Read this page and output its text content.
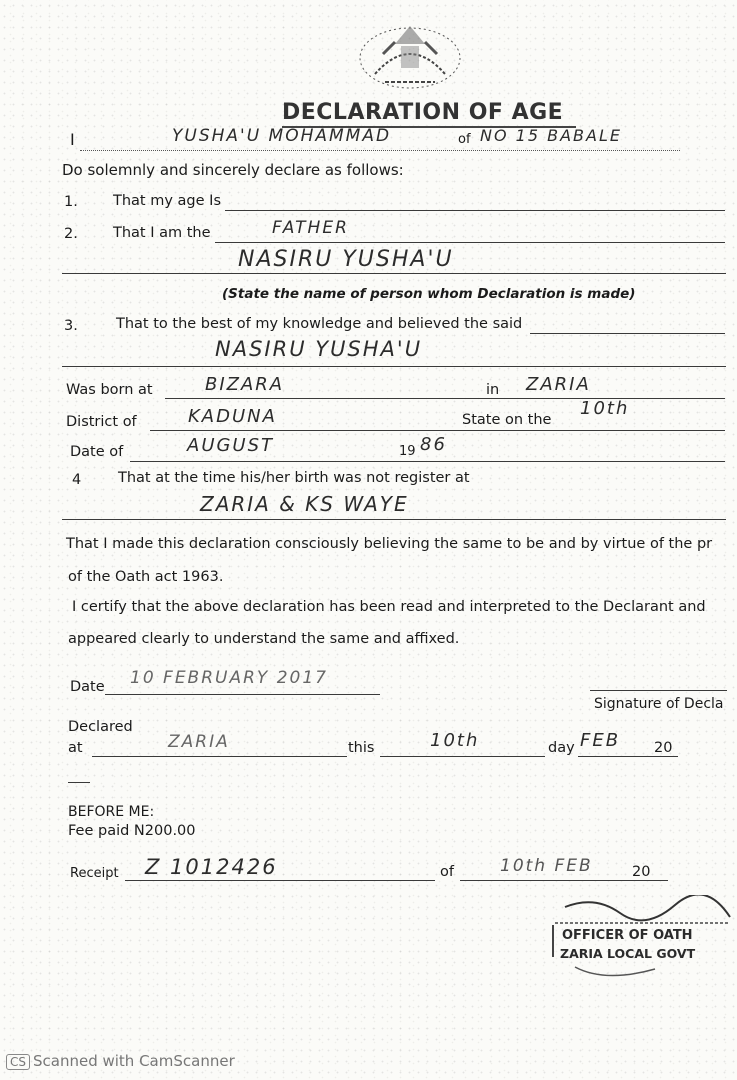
DECLARATION OF AGE
I	YUSHA'U MOHAMMAD	of NO 15 BABALE
Do solemnly and sincerely declare as follows:
1. That my age Is
2. That I am the	FATHER
NASIRU YUSHA'U
(State the name of person whom Declaration is made)
3.	That to the best of my knowledge and believed the said
NASIRU YUSHA'U
Was born at	BIZARA	in ZARIA
District of	KADUNA	State on the
10th
Date of	AUGUST	19 86
4	That at the time his/her birth was not register at
ZARIA & KS WAYE
That I made this declaration consciously believing the same to be and by virtue of the pr
of the Oath act 1963.
I certify that the above declaration has been read and interpreted to the Declarant and
appeared clearly to understand the same and affixed.
Date 10 FEBRUARY 2017
Signature of Decla
Declared
at	ZARIA	this	10th	day FEB 20
BEFORE ME:
Fee paid N200.00
Receipt Z 1012426	of	10th FEB	20
OFFICER OF OATH
ZARIA LOCAL GOVT
CS Scanned with CamScanner
